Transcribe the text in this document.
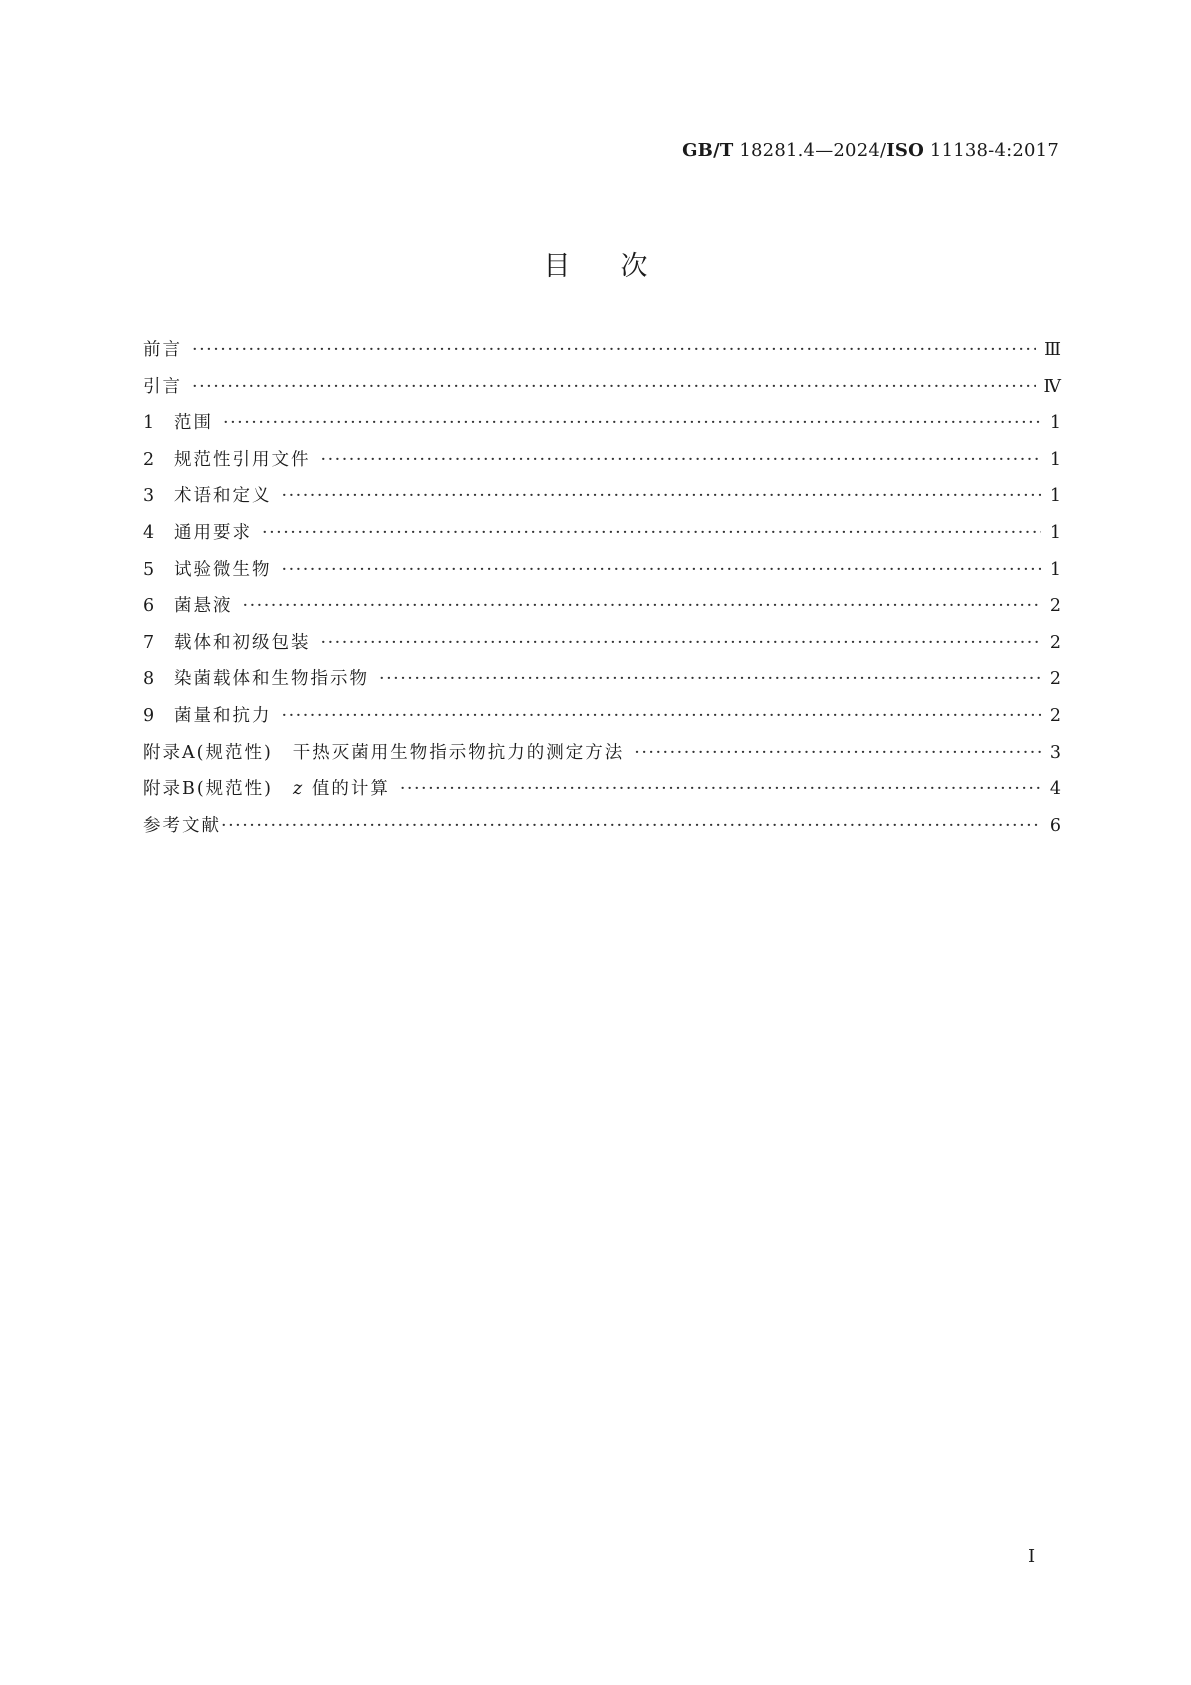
GB/T 18281.4—2024/ISO 11138-4:2017
目次
前言 ·····	Ⅲ
引言 ·····	Ⅳ
1	范围 ·····	1
2	规范性引用文件 ·····	1
3	术语和定义 ·····	1
4	通用要求 ·····	1
5	试验微生物 ·····	1
6	菌悬液 ·····	2
7	载体和初级包装 ·····	2
8	染菌载体和生物指示物 ·····	2
9	菌量和抗力 ·····	2
附录A(规范性) 干热灭菌用生物指示物抗力的测定方法 ·····	3
附录B(规范性) z 值的计算 ·····	4
参考文献 ·····	6
Ⅰ
